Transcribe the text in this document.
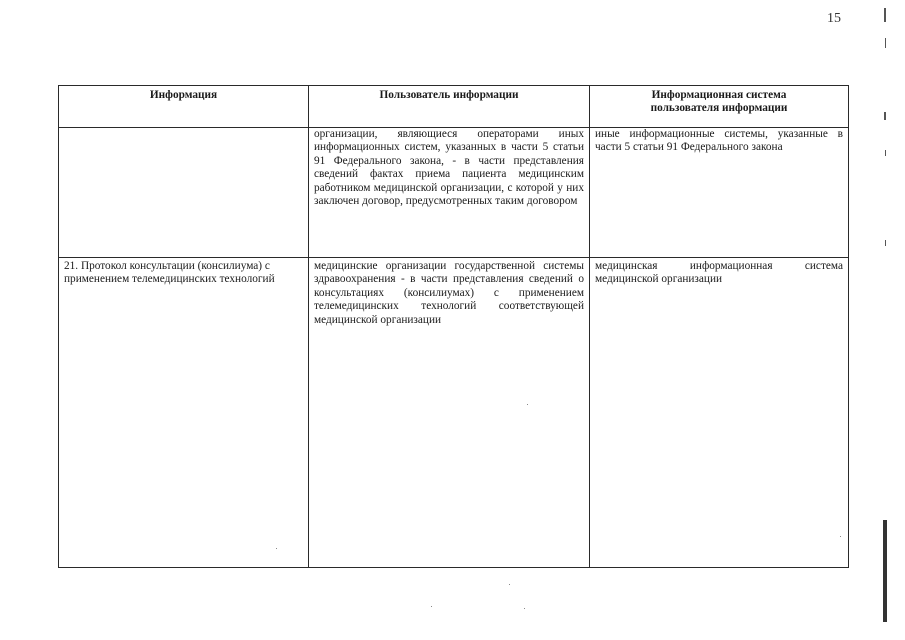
15
Информация	Пользователь информации	Информационная система пользователя информации

	организации, являющиеся операторами иных информационных систем, указанных в части 5 статьи 91 Федерального закона, - в части представления сведений фактах приема пациента медицинским работником медицинской организации, с которой у них заключен договор, предусмотренных таким договором	иные информационные системы, указанные в части 5 статьи 91 Федерального закона

21. Протокол консультации (консилиума) с применением телемедицинских технологий	медицинские организации государственной системы здравоохранения - в части представления сведений о консультациях (консилиумах) с применением телемедицинских технологий соответствующей медицинской организации	медицинская информационная система медицинской организации
